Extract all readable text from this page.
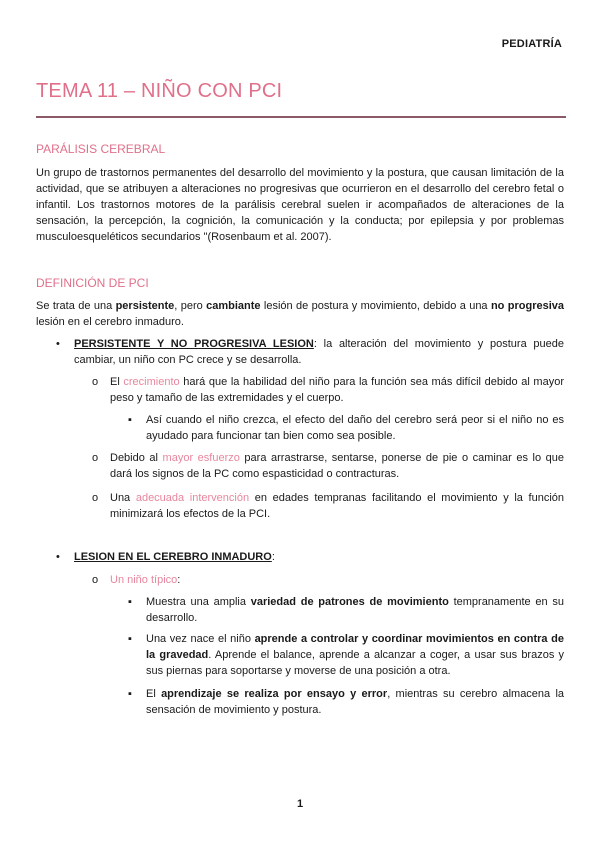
PEDIATRÍA
TEMA 11 – NIÑO CON PCI
PARÁLISIS CEREBRAL
Un grupo de trastornos permanentes del desarrollo del movimiento y la postura, que causan limitación de la actividad, que se atribuyen a alteraciones no progresivas que ocurrieron en el desarrollo del cerebro fetal o infantil. Los trastornos motores de la parálisis cerebral suelen ir acompañados de alteraciones de la sensación, la percepción, la cognición, la comunicación y la conducta; por epilepsia y por problemas musculoesqueléticos secundarios "(Rosenbaum et al. 2007).
DEFINICIÓN DE PCI
Se trata de una persistente, pero cambiante lesión de postura y movimiento, debido a una no progresiva lesión en el cerebro inmaduro.
• PERSISTENTE Y NO PROGRESIVA LESION: la alteración del movimiento y postura puede cambiar, un niño con PC crece y se desarrolla.
o El crecimiento hará que la habilidad del niño para la función sea más difícil debido al mayor peso y tamaño de las extremidades y el cuerpo.
▪ Así cuando el niño crezca, el efecto del daño del cerebro será peor si el niño no es ayudado para funcionar tan bien como sea posible.
o Debido al mayor esfuerzo para arrastrarse, sentarse, ponerse de pie o caminar es lo que dará los signos de la PC como espasticidad o contracturas.
o Una adecuada intervención en edades tempranas facilitando el movimiento y la función minimizará los efectos de la PCI.
• LESION EN EL CEREBRO INMADURO:
o Un niño típico:
▪ Muestra una amplia variedad de patrones de movimiento tempranamente en su desarrollo.
▪ Una vez nace el niño aprende a controlar y coordinar movimientos en contra de la gravedad. Aprende el balance, aprende a alcanzar a coger, a usar sus brazos y sus piernas para soportarse y moverse de una posición a otra.
▪ El aprendizaje se realiza por ensayo y error, mientras su cerebro almacena la sensación de movimiento y postura.
1
